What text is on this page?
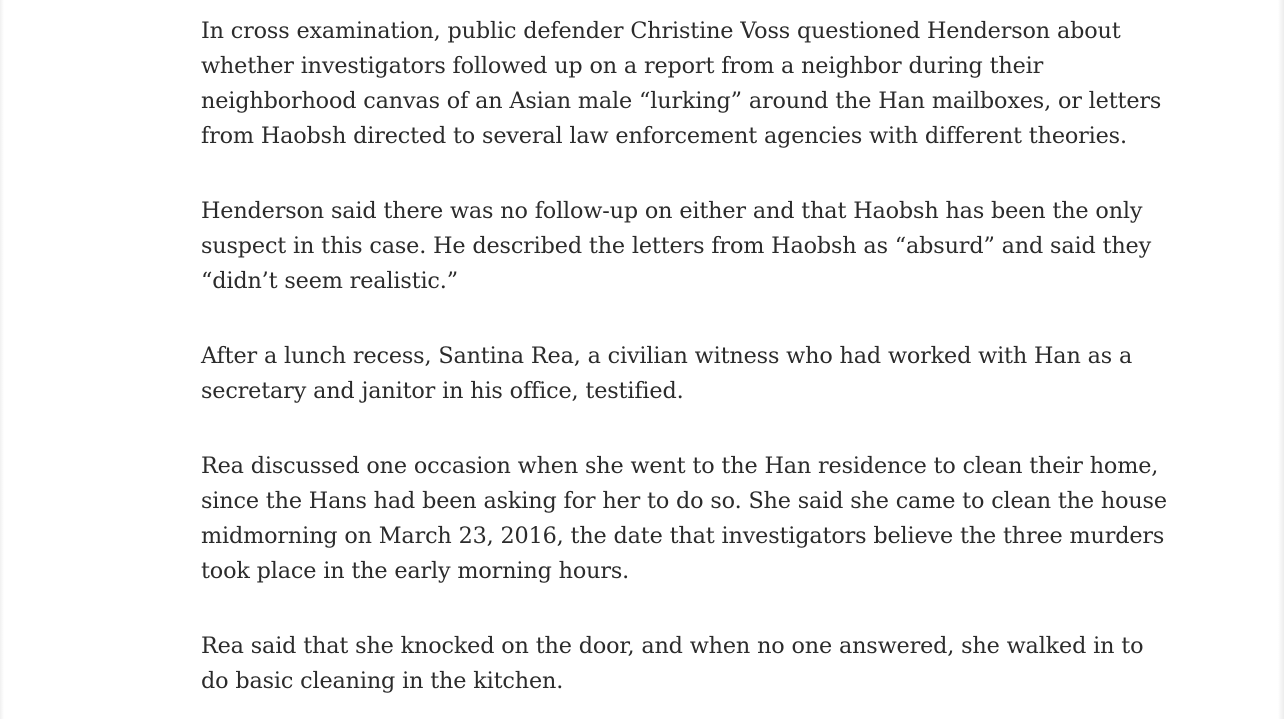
In cross examination, public defender Christine Voss questioned Henderson about whether investigators followed up on a report from a neighbor during their neighborhood canvas of an Asian male “lurking” around the Han mailboxes, or letters from Haobsh directed to several law enforcement agencies with different theories.

Henderson said there was no follow-up on either and that Haobsh has been the only suspect in this case. He described the letters from Haobsh as “absurd” and said they “didn’t seem realistic.”

After a lunch recess, Santina Rea, a civilian witness who had worked with Han as a secretary and janitor in his office, testified.

Rea discussed one occasion when she went to the Han residence to clean their home, since the Hans had been asking for her to do so. She said she came to clean the house midmorning on March 23, 2016, the date that investigators believe the three murders took place in the early morning hours.

Rea said that she knocked on the door, and when no one answered, she walked in to do basic cleaning in the kitchen.
